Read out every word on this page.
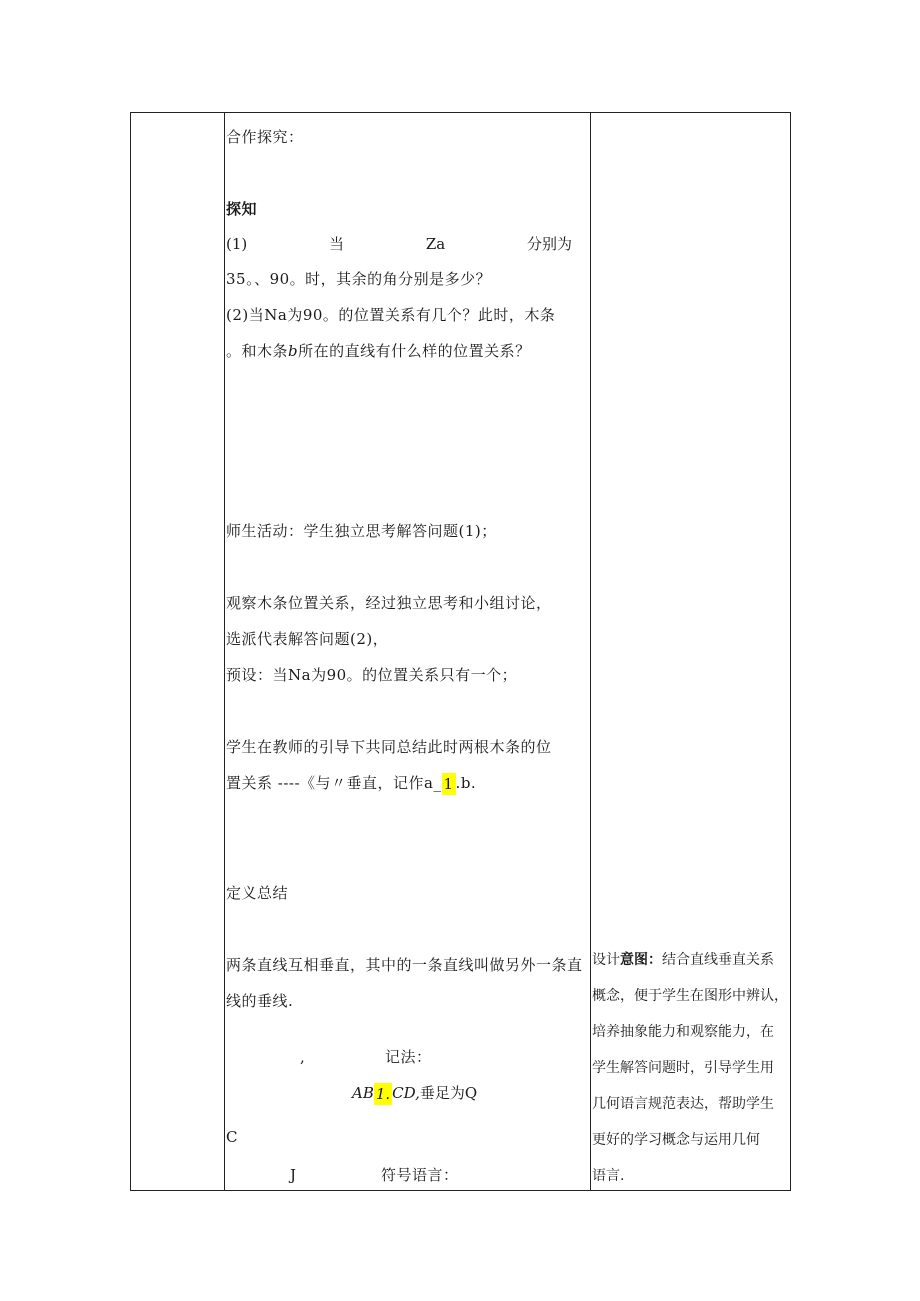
合作探究：
探知
(1)	当	Za	分别为
35。、90。时，其余的角分别是多少？
(2)当Na为90。的位置关系有几个？此时，木条
。和木条b所在的直线有什么样的位置关系？
师生活动：学生独立思考解答问题(1)；
观察木条位置关系，经过独立思考和小组讨论，
选派代表解答问题(2)，
预设：当Na为90。的位置关系只有一个；
学生在教师的引导下共同总结此时两根木条的位
置关系 ----《与〃垂直，记作a_ 1 .b.
定义总结
两条直线互相垂直，其中的一条直线叫做另外一条直
线的垂线.
,	记法：
AB 1. CD,垂足为Q
C
J	符号语言：
设计意图：结合直线垂直关系
概念，便于学生在图形中辨认，
培养抽象能力和观察能力，在
学生解答问题时，引导学生用
几何语言规范表达，帮助学生
更好的学习概念与运用几何
语言.
